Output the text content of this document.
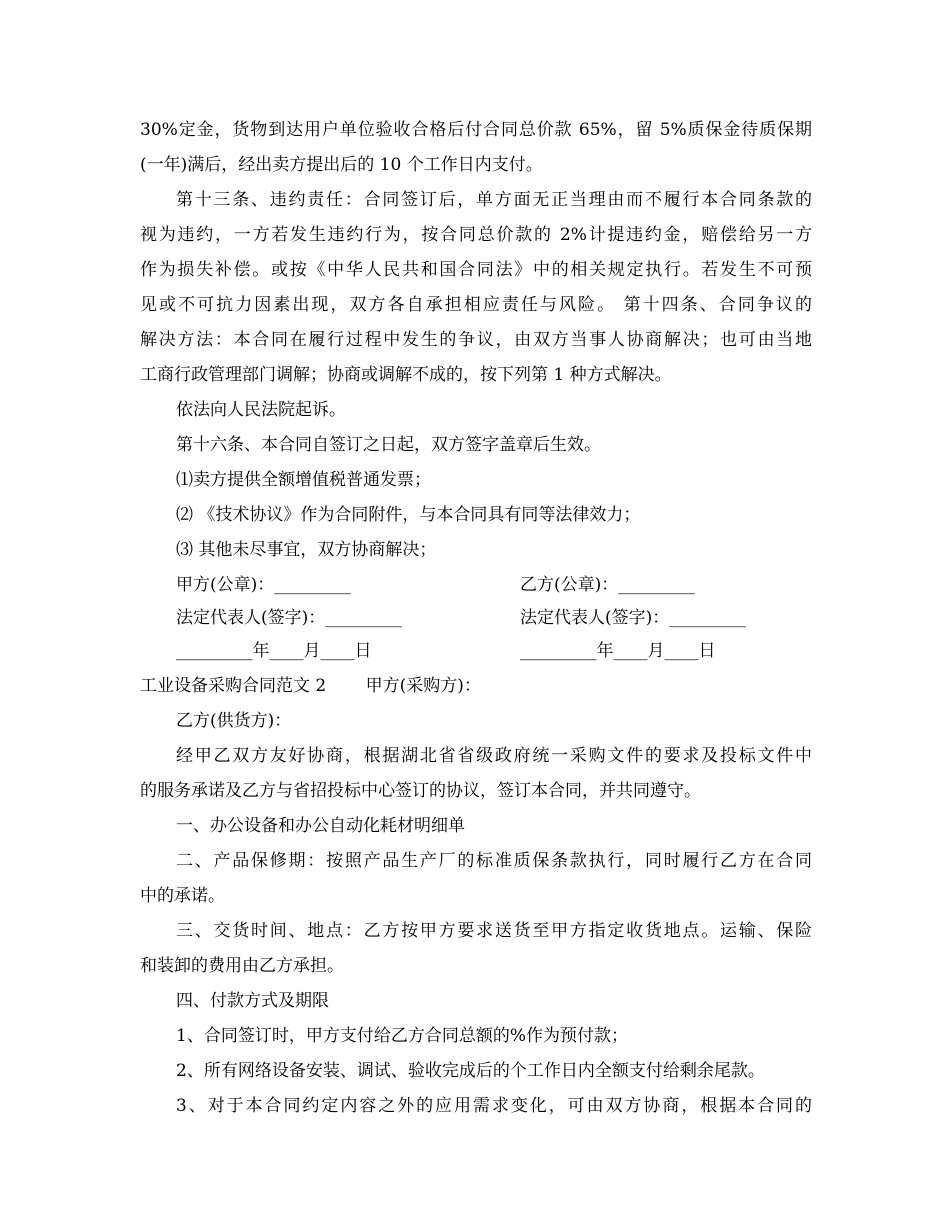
30%定金，货物到达用户单位验收合格后付合同总价款 65%，留 5%质保金待质保期
(一年)满后，经出卖方提出后的 10 个工作日内支付。
第十三条、违约责任：合同签订后，单方面无正当理由而不履行本合同条款的
视为违约，一方若发生违约行为，按合同总价款的 2%计提违约金，赔偿给另一方
作为损失补偿。或按《中华人民共和国合同法》中的相关规定执行。若发生不可预
见或不可抗力因素出现，双方各自承担相应责任与风险。 第十四条、合同争议的
解决方法：本合同在履行过程中发生的争议，由双方当事人协商解决；也可由当地
工商行政管理部门调解；协商或调解不成的，按下列第 1 种方式解决。
依法向人民法院起诉。
第十六条、本合同自签订之日起，双方签字盖章后生效。
⑴卖方提供全额增值税普通发票；
⑵ 《技术协议》作为合同附件，与本合同具有同等法律效力；
⑶ 其他未尽事宜，双方协商解决；
甲方(公章)：_________	乙方(公章)：_________
法定代表人(签字)：_________	法定代表人(签字)：_________
_________年____月____日	_________年____月____日
工业设备采购合同范文 2　　 甲方(采购方)：
乙方(供货方)：
经甲乙双方友好协商，根据湖北省省级政府统一采购文件的要求及投标文件中
的服务承诺及乙方与省招投标中心签订的协议，签订本合同，并共同遵守。
一、办公设备和办公自动化耗材明细单
二、产品保修期：按照产品生产厂的标准质保条款执行，同时履行乙方在合同
中的承诺。
三、交货时间、地点：乙方按甲方要求送货至甲方指定收货地点。运输、保险
和装卸的费用由乙方承担。
四、付款方式及期限
1、合同签订时，甲方支付给乙方合同总额的%作为预付款；
2、所有网络设备安装、调试、验收完成后的个工作日内全额支付给剩余尾款。
3、对于本合同约定内容之外的应用需求变化，可由双方协商，根据本合同的
